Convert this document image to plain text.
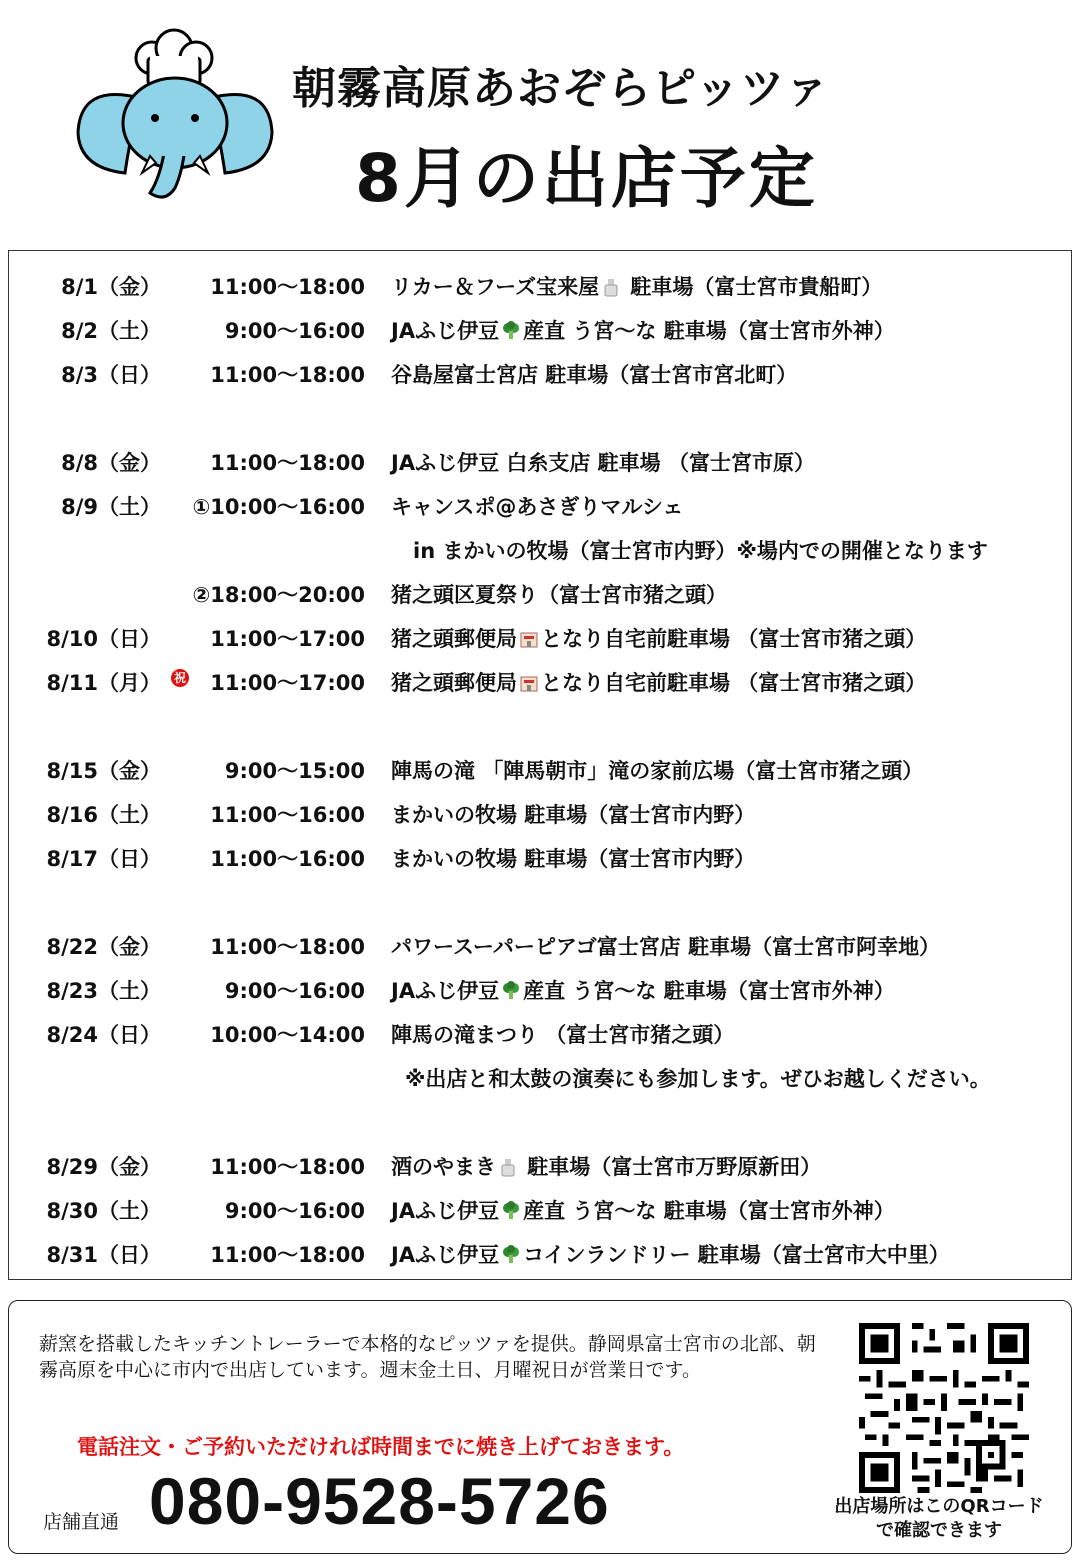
朝霧高原あおぞらピッツァ
8月の出店予定
8/1（金） 11:00〜18:00 リカー＆フーズ宝来屋 駐車場（富士宮市貴船町）
8/2（土）	9:00〜16:00 JAふじ伊豆 産直 う宮〜な 駐車場（富士宮市外神）
8/3（日） 11:00〜18:00 谷島屋富士宮店 駐車場（富士宮市宮北町）
8/8（金） 11:00〜18:00 JAふじ伊豆 白糸支店 駐車場 （富士宮市原）
8/9（土） ①10:00〜16:00 キャンスポ@あさぎりマルシェ
in まかいの牧場（富士宮市内野）※場内での開催となります
②18:00〜20:00 猪之頭区夏祭り（富士宮市猪之頭）
8/10（日） 11:00〜17:00 猪之頭郵便局 となり自宅前駐車場 （富士宮市猪之頭）
8/11（月） 祝 11:00〜17:00 猪之頭郵便局 となり自宅前駐車場 （富士宮市猪之頭）
8/15（金）	9:00〜15:00 陣馬の滝 「陣馬朝市」滝の家前広場（富士宮市猪之頭）
8/16（土） 11:00〜16:00 まかいの牧場 駐車場（富士宮市内野）
8/17（日） 11:00〜16:00 まかいの牧場 駐車場（富士宮市内野）
8/22（金） 11:00〜18:00 パワースーパーピアゴ富士宮店 駐車場（富士宮市阿幸地）
8/23（土）	9:00〜16:00 JAふじ伊豆 産直 う宮〜な 駐車場（富士宮市外神）
8/24（日） 10:00〜14:00 陣馬の滝まつり （富士宮市猪之頭）
※出店と和太鼓の演奏にも参加します。ぜひお越しください。
8/29（金） 11:00〜18:00 酒のやまき 駐車場（富士宮市万野原新田）
8/30（土）	9:00〜16:00 JAふじ伊豆 産直 う宮〜な 駐車場（富士宮市外神）
8/31（日） 11:00〜18:00 JAふじ伊豆 コインランドリー 駐車場（富士宮市大中里）
薪窯を搭載したキッチントレーラーで本格的なピッツァを提供。静岡県富士宮市の北部、朝霧高原を中心に市内で出店しています。週末金土日、月曜祝日が営業日です。
電話注文・ご予約いただければ時間までに焼き上げておきます。
店舗直通 080-9528-5726	出店場所はこのQRコード
で確認できます
